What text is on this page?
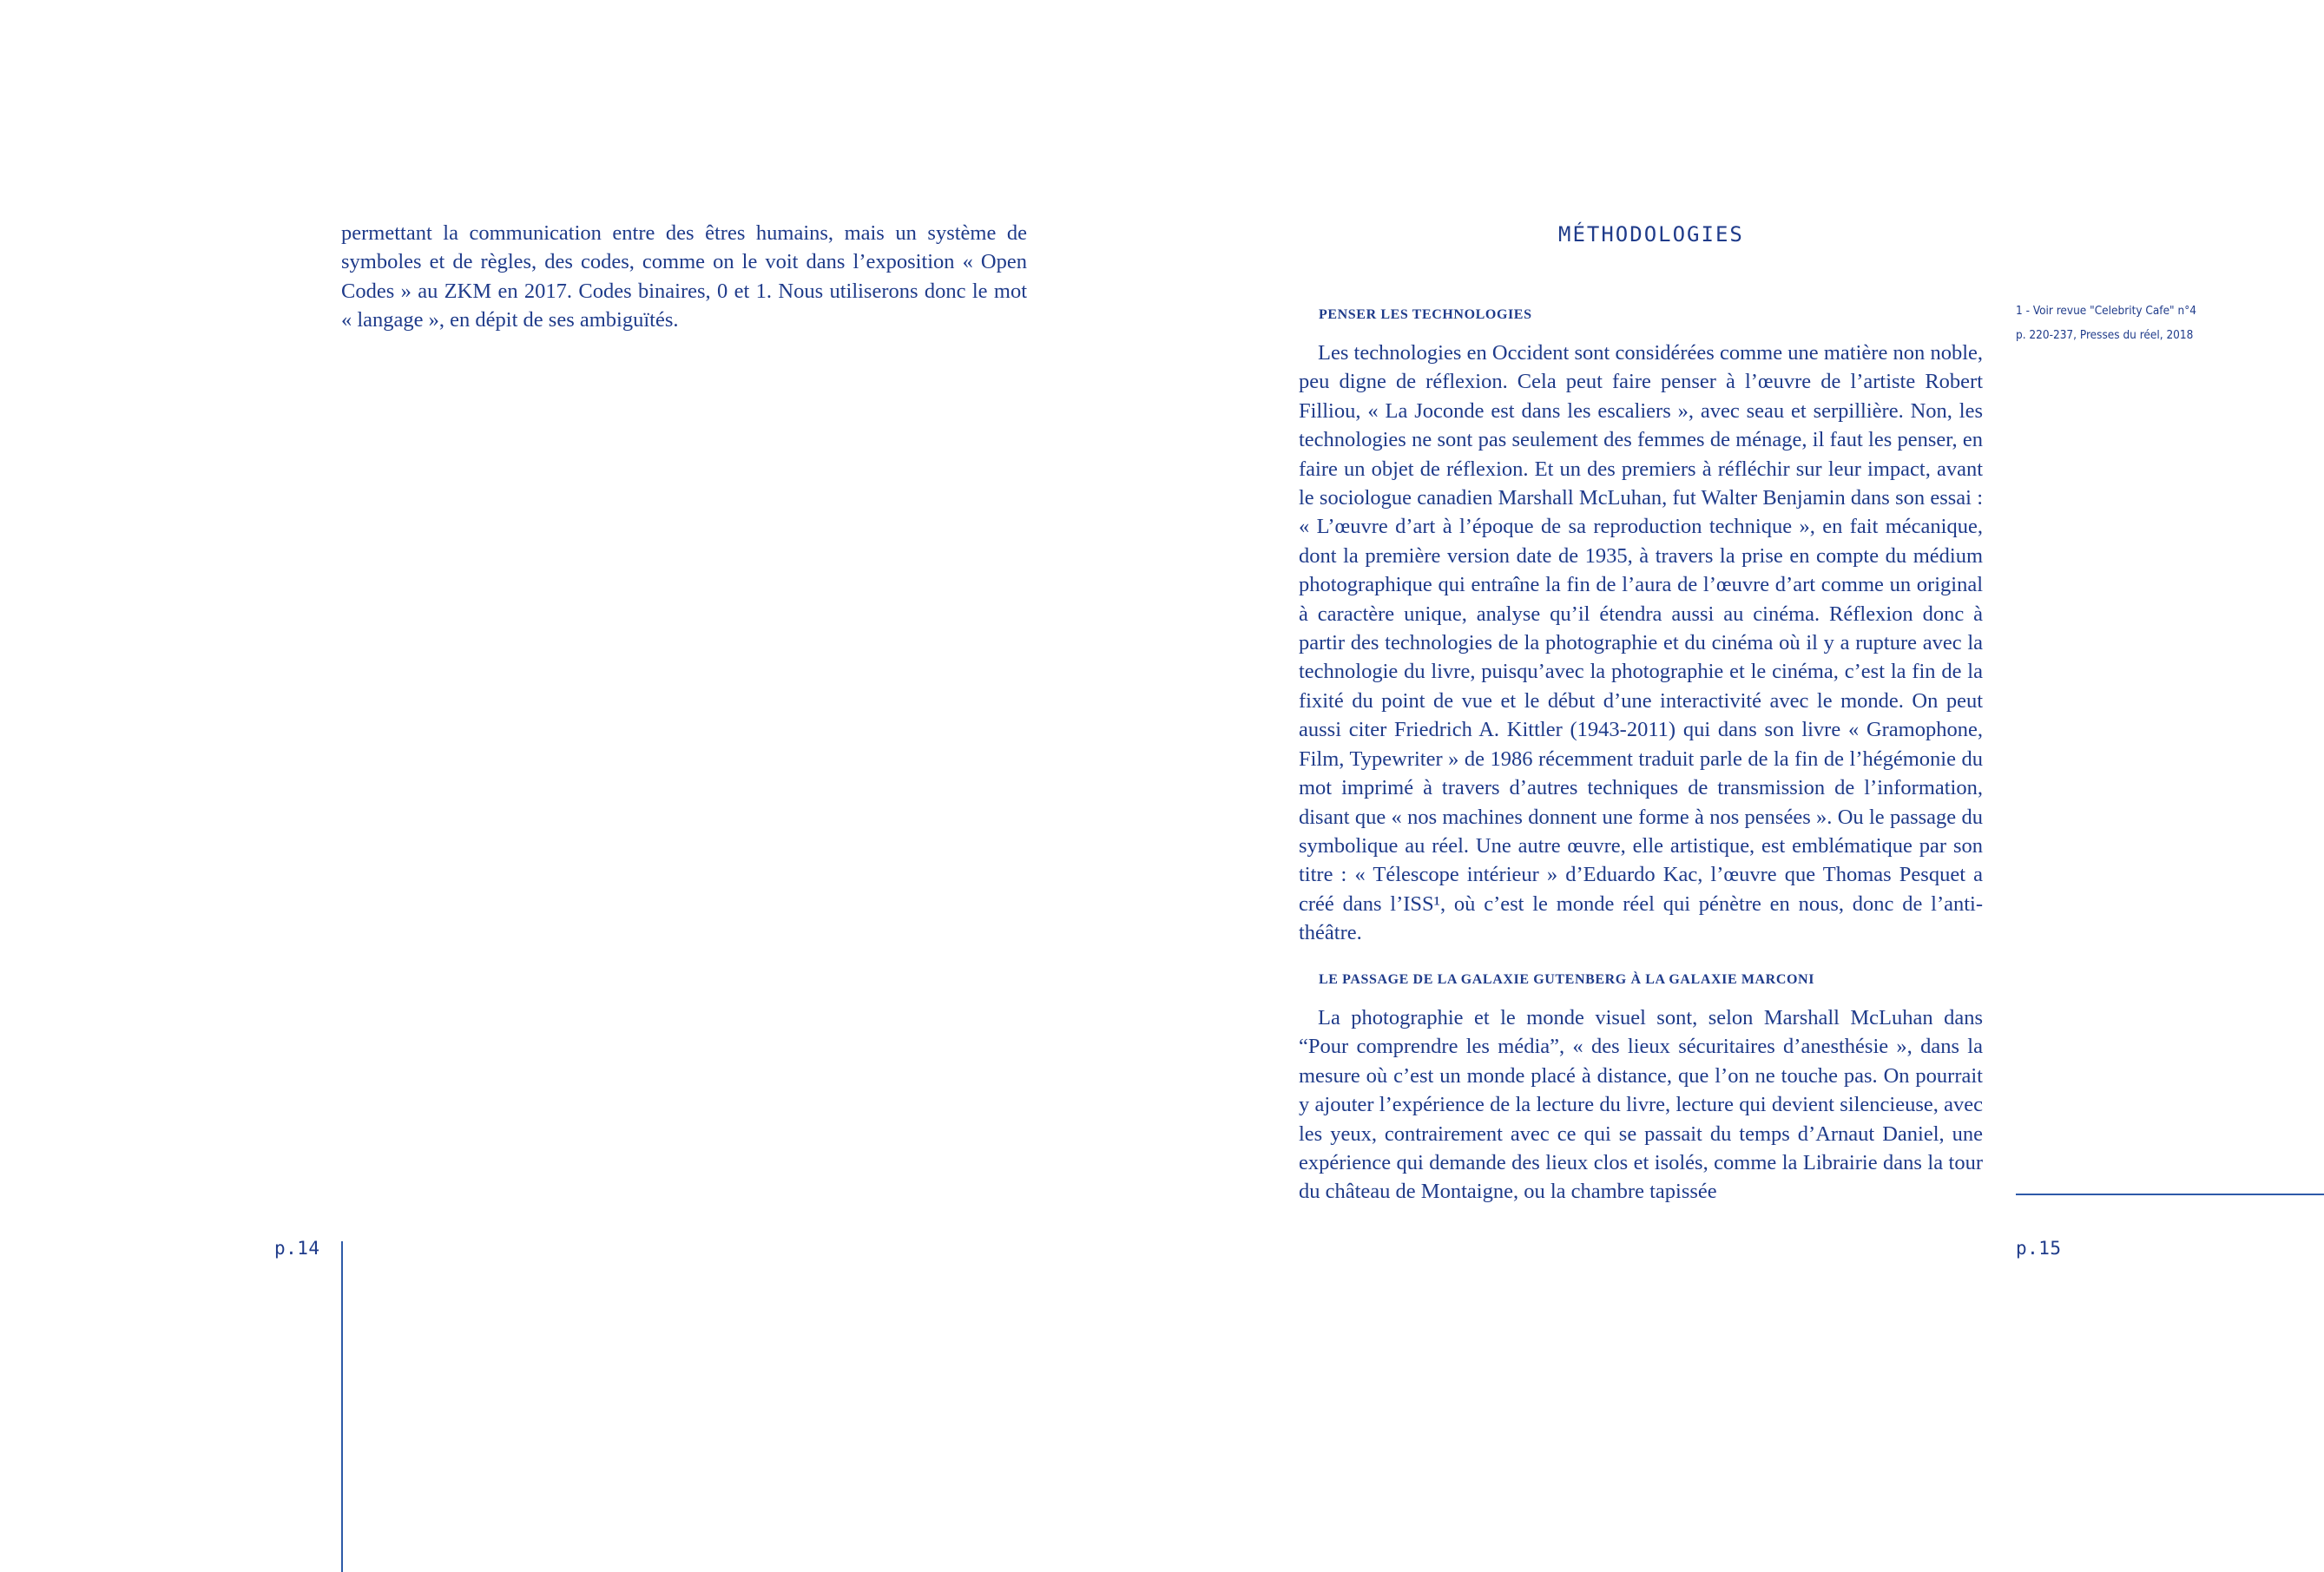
permettant la communication entre des êtres humains, mais un système de symboles et de règles, des codes, comme on le voit dans l’exposition « Open Codes » au ZKM en 2017. Codes binaires, 0 et 1. Nous utiliserons donc le mot « langage », en dépit de ses ambiguïtés.

p.14
MÉTHODOLOGIES
PENSER LES TECHNOLOGIES

Les technologies en Occident sont considérées comme une matière non noble, peu digne de réflexion. Cela peut faire penser à l’œuvre de l’artiste Robert Filliou, « La Joconde est dans les escaliers », avec seau et serpillière. Non, les technologies ne sont pas seulement des femmes de ménage, il faut les penser, en faire un objet de réflexion. Et un des premiers à réfléchir sur leur impact, avant le sociologue canadien Marshall McLuhan, fut Walter Benjamin dans son essai : « L’œuvre d’art à l’époque de sa reproduction technique », en fait mécanique, dont la première version date de 1935, à travers la prise en compte du médium photographique qui entraîne la fin de l’aura de l’œuvre d’art comme un original à caractère unique, analyse qu’il étendra aussi au cinéma. Réflexion donc à partir des technologies de la photographie et du cinéma où il y a rupture avec la technologie du livre, puisqu’avec la photographie et le cinéma, c’est la fin de la fixité du point de vue et le début d’une interactivité avec le monde. On peut aussi citer Friedrich A. Kittler (1943-2011) qui dans son livre « Gramophone, Film, Typewriter » de 1986 récemment traduit parle de la fin de l’hégémonie du mot imprimé à travers d’autres techniques de transmission de l’information, disant que « nos machines donnent une forme à nos pensées ». Ou le passage du symbolique au réel. Une autre œuvre, elle artistique, est emblématique par son titre : « Télescope intérieur » d’Eduardo Kac, l’œuvre que Thomas Pesquet a créé dans l’ISS¹, où c’est le monde réel qui pénètre en nous, donc de l’anti-théâtre.

LE PASSAGE DE LA GALAXIE GUTENBERG À LA GALAXIE MARCONI

La photographie et le monde visuel sont, selon Marshall McLuhan dans “Pour comprendre les média”, « des lieux sécuritaires d’anesthésie », dans la mesure où c’est un monde placé à distance, que l’on ne touche pas. On pourrait y ajouter l’expérience de la lecture du livre, lecture qui devient silencieuse, avec les yeux, contrairement avec ce qui se passait du temps d’Arnaut Daniel, une expérience qui demande des lieux clos et isolés, comme la Librairie dans la tour du château de Montaigne, ou la chambre tapissée

1 - Voir revue "Celebrity Cafe" n°4
p. 220-237, Presses du réel, 2018
p.15
